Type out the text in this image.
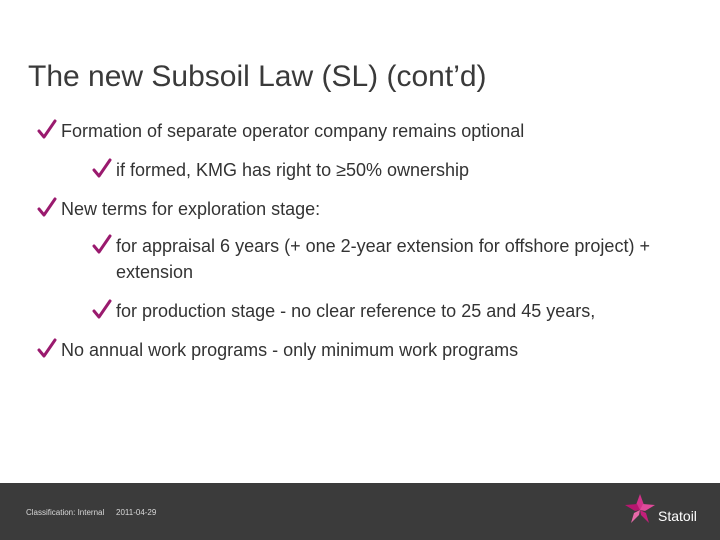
The new Subsoil Law (SL) (cont’d)
Formation of separate operator company remains optional
if formed, KMG has right to ≥50% ownership
New terms for exploration stage:
for appraisal 6 years (+ one 2-year extension for offshore project) + extension
for production stage - no clear reference to 25 and 45 years,
No annual work programs - only minimum work programs
Classification: Internal 2011-04-29	Statoil
